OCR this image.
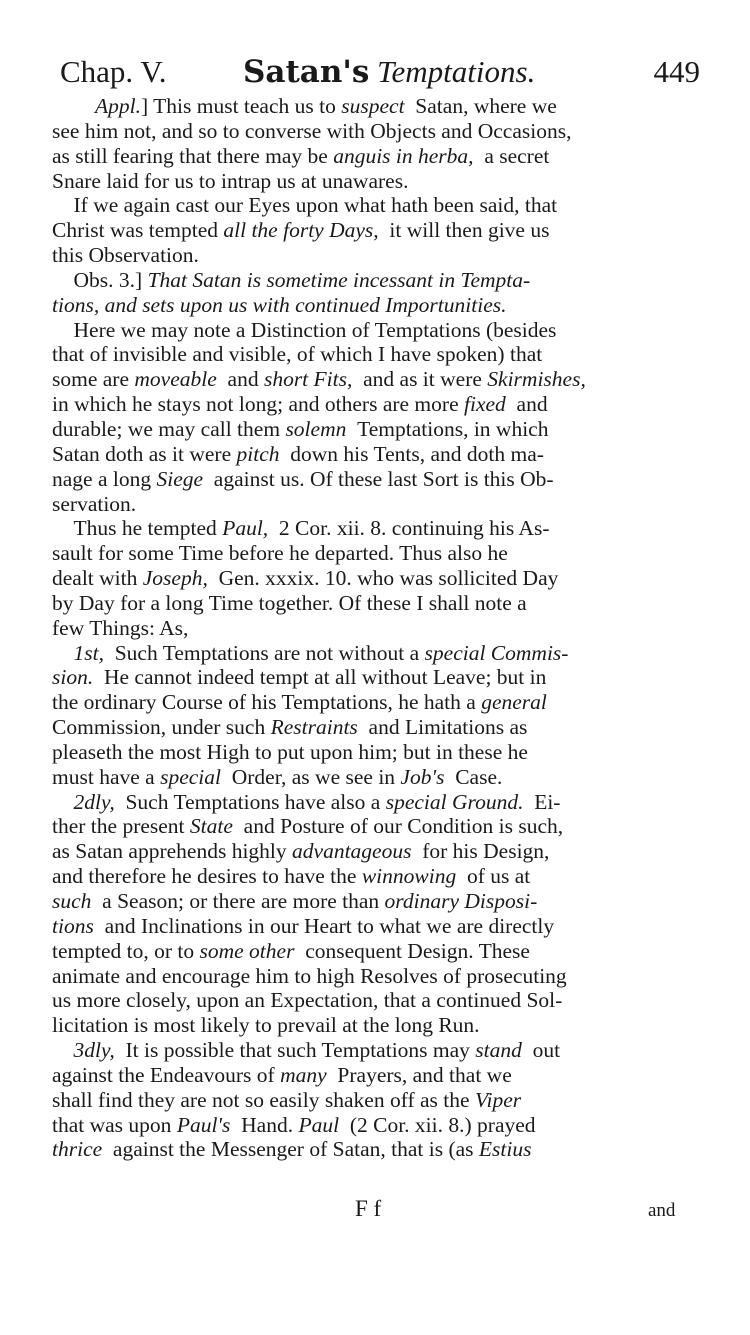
Chap. V. Satan's Temptations.	449
Appl.] This must teach us to suspect  Satan, where we
see him not, and so to converse with Objects and Occasions,
as still fearing that there may be anguis in herba,  a secret
Snare laid for us to intrap us at unawares.
If we again cast our Eyes upon what hath been said, that
Christ was tempted all the forty Days,  it will then give us
this Observation.
Obs. 3.] That Satan is sometime incessant in Tempta-
tions, and sets upon us with continued Importunities.
Here we may note a Distinction of Temptations (besides
that of invisible and visible, of which I have spoken) that
some are moveable  and short Fits,  and as it were Skirmishes,
in which he stays not long; and others are more fixed  and
durable; we may call them solemn  Temptations, in which
Satan doth as it were pitch  down his Tents, and doth ma-
nage a long Siege  against us. Of these last Sort is this Ob-
servation.
Thus he tempted Paul,  2 Cor. xii. 8. continuing his As-
sault for some Time before he departed. Thus also he
dealt with Joseph,  Gen. xxxix. 10. who was sollicited Day
by Day for a long Time together. Of these I shall note a
few Things: As,
1st,  Such Temptations are not without a special Commis-
sion.  He cannot indeed tempt at all without Leave; but in
the ordinary Course of his Temptations, he hath a general
Commission, under such Restraints  and Limitations as
pleaseth the most High to put upon him; but in these he
must have a special  Order, as we see in Job's  Case.
2dly,  Such Temptations have also a special Ground.  Ei-
ther the present State  and Posture of our Condition is such,
as Satan apprehends highly advantageous  for his Design,
and therefore he desires to have the winnowing  of us at
such  a Season; or there are more than ordinary Disposi-
tions  and Inclinations in our Heart to what we are directly
tempted to, or to some other  consequent Design. These
animate and encourage him to high Resolves of prosecuting
us more closely, upon an Expectation, that a continued Sol-
licitation is most likely to prevail at the long Run.
3dly,  It is possible that such Temptations may stand  out
against the Endeavours of many  Prayers, and that we
shall find they are not so easily shaken off as the Viper
that was upon Paul's  Hand. Paul  (2 Cor. xii. 8.) prayed
thrice  against the Messenger of Satan, that is (as Estius
F f	and
